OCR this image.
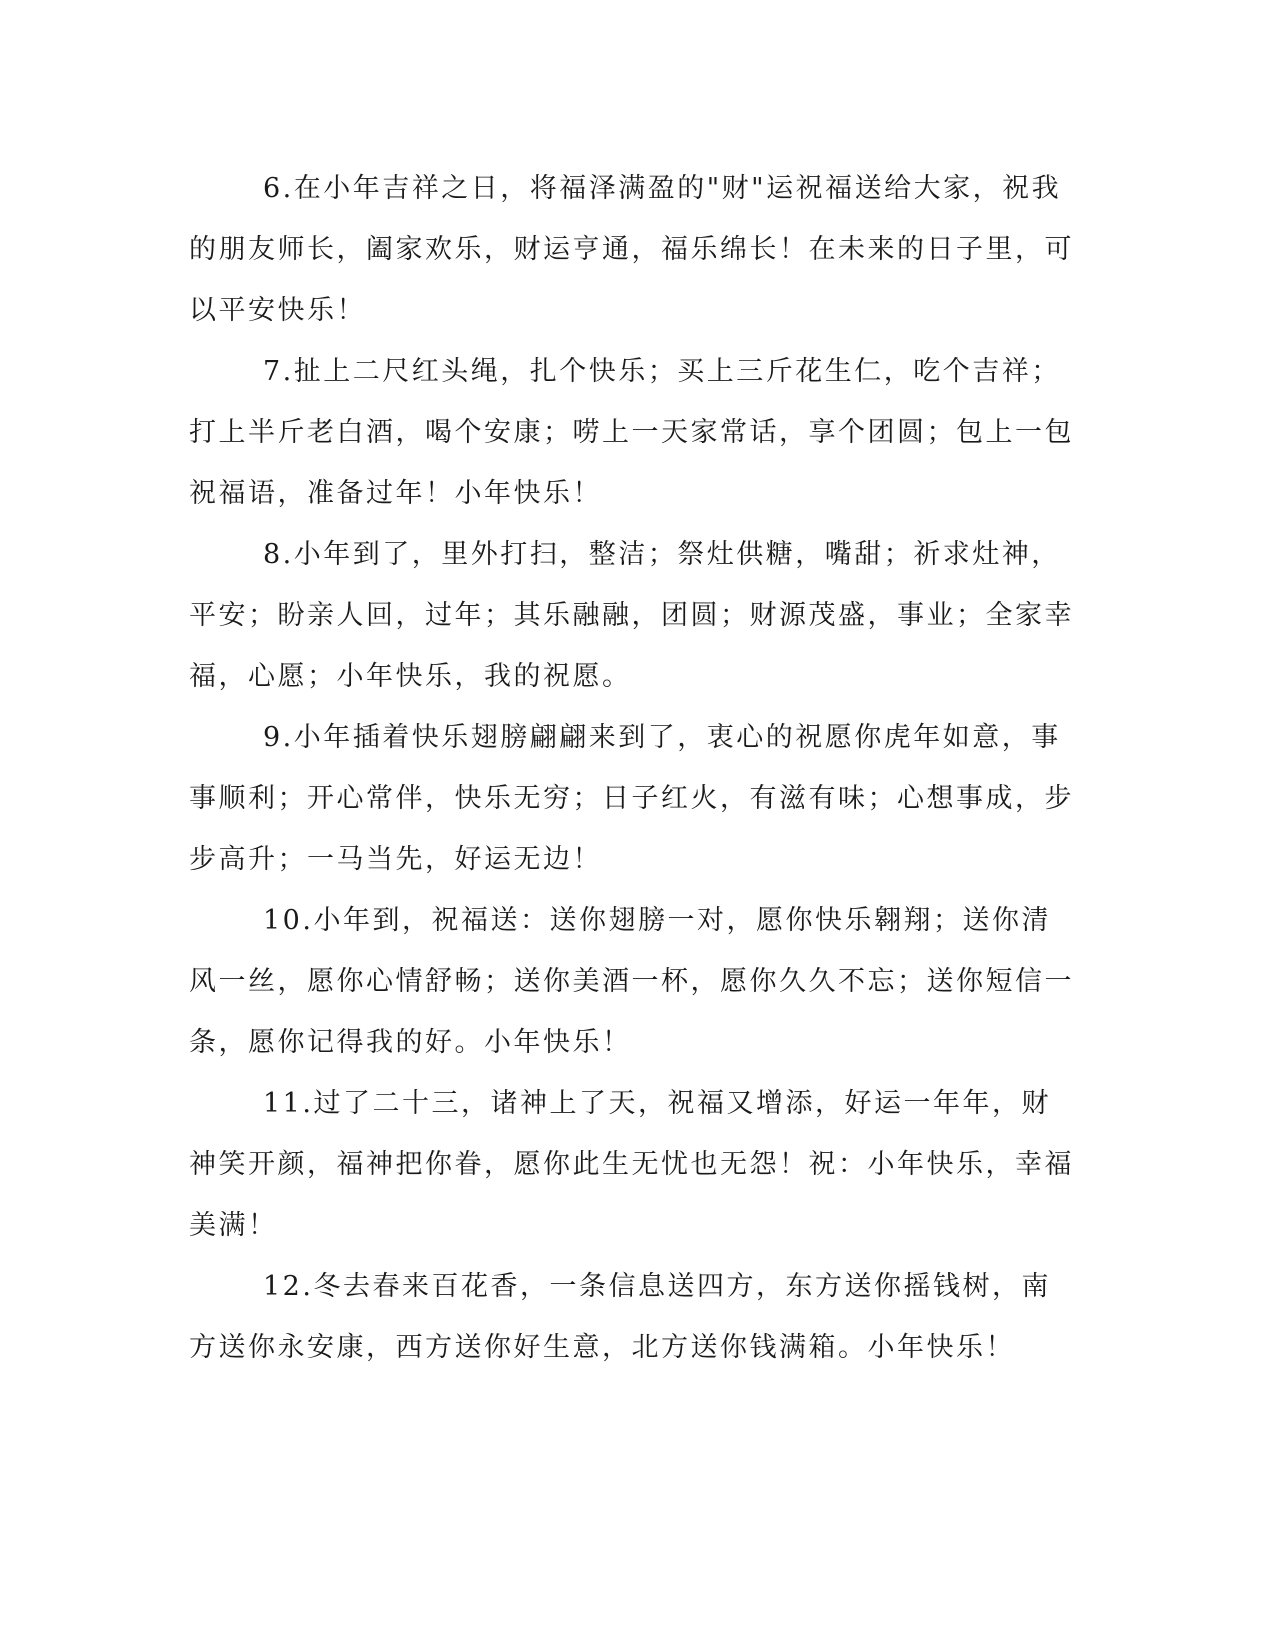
6.在小年吉祥之日，将福泽满盈的"财"运祝福送给大家，祝我的朋友师长，阖家欢乐，财运亨通，福乐绵长！在未来的日子里，可以平安快乐！

7.扯上二尺红头绳，扎个快乐；买上三斤花生仁，吃个吉祥；打上半斤老白酒，喝个安康；唠上一天家常话，享个团圆；包上一包祝福语，准备过年！小年快乐！

8.小年到了，里外打扫，整洁；祭灶供糖，嘴甜；祈求灶神，平安；盼亲人回，过年；其乐融融，团圆；财源茂盛，事业；全家幸福，心愿；小年快乐，我的祝愿。

9.小年插着快乐翅膀翩翩来到了，衷心的祝愿你虎年如意，事事顺利；开心常伴，快乐无穷；日子红火，有滋有味；心想事成，步步高升；一马当先，好运无边！

10.小年到，祝福送：送你翅膀一对，愿你快乐翱翔；送你清风一丝，愿你心情舒畅；送你美酒一杯，愿你久久不忘；送你短信一条，愿你记得我的好。小年快乐！

11.过了二十三，诸神上了天，祝福又增添，好运一年年，财神笑开颜，福神把你眷，愿你此生无忧也无怨！祝：小年快乐，幸福美满！

12.冬去春来百花香，一条信息送四方，东方送你摇钱树，南方送你永安康，西方送你好生意，北方送你钱满箱。小年快乐！
